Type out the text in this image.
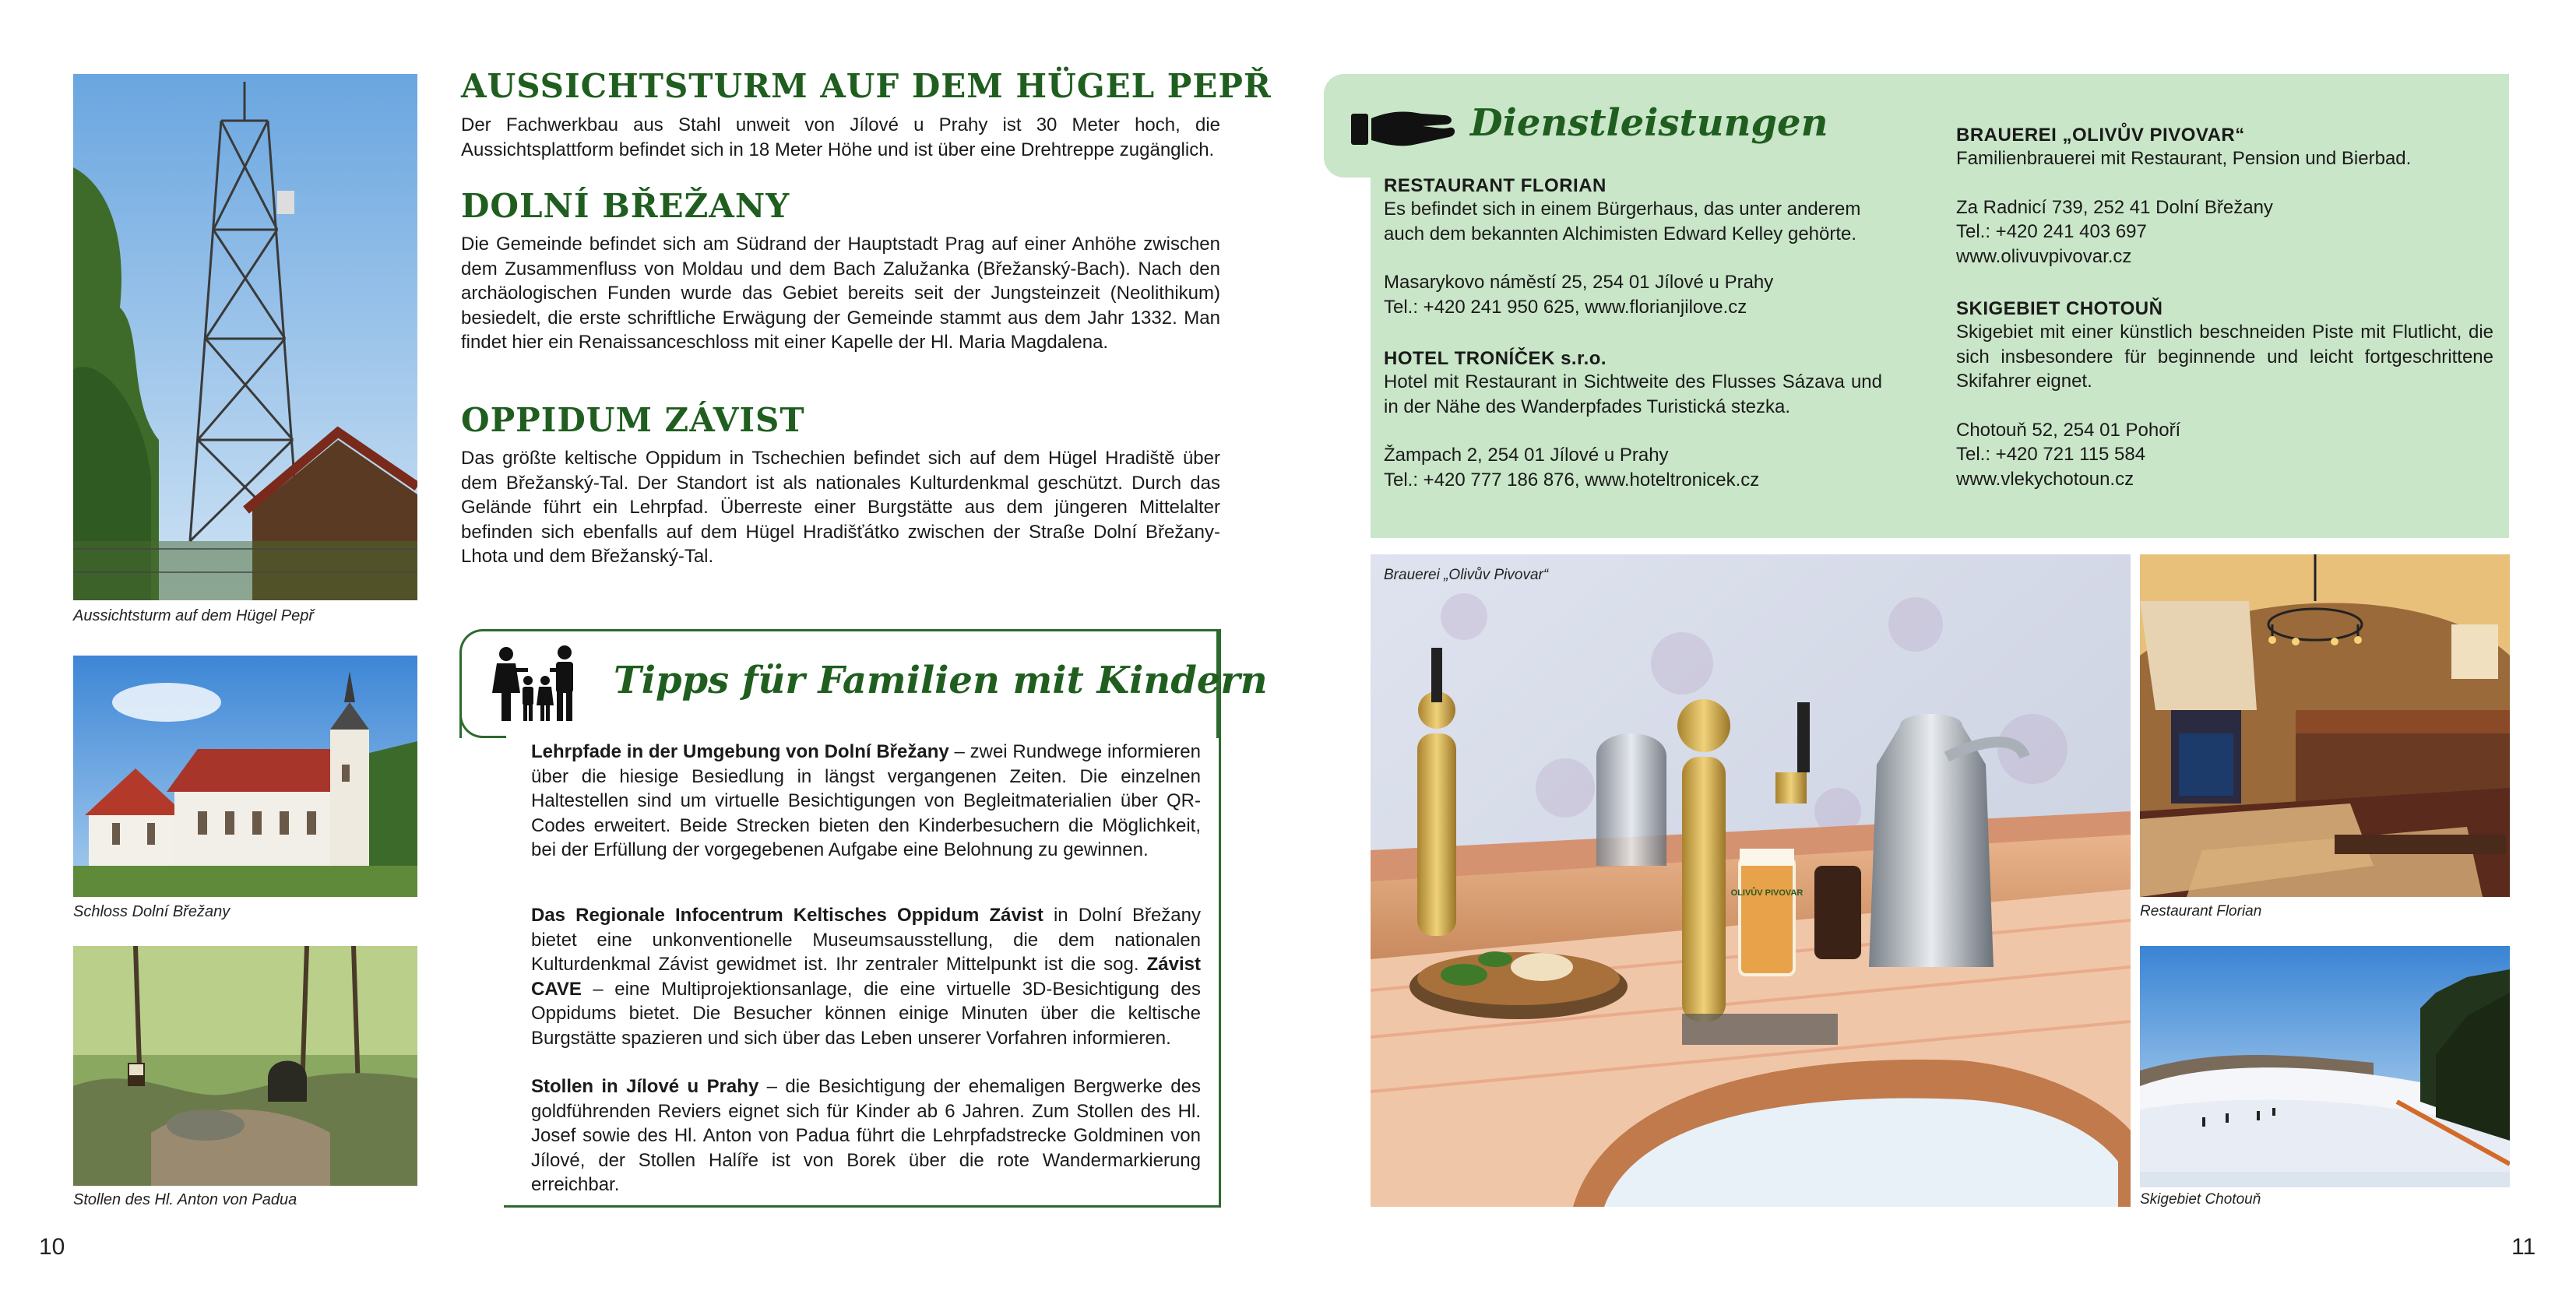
Aussichtsturm auf dem Hügel Pepř
Schloss Dolní Břežany
Stollen des Hl. Anton von Padua
AUSSICHTSTURM AUF DEM HÜGEL PEPŘ

Der Fachwerkbau aus Stahl unweit von Jílové u Prahy ist 30 Meter hoch, die Aussichtsplattform befindet sich in 18 Meter Höhe und ist über eine Drehtreppe zugänglich.

DOLNÍ BŘEŽANY

Die Gemeinde befindet sich am Südrand der Hauptstadt Prag auf einer Anhöhe zwischen dem Zusammenfluss von Moldau und dem Bach Zalužanka (Břežanský-Bach). Nach den archäologischen Funden wurde das Gebiet bereits seit der Jungsteinzeit (Neolithikum) besiedelt, die erste schriftliche Erwägung der Gemeinde stammt aus dem Jahr 1332. Man findet hier ein Renaissanceschloss mit einer Kapelle der Hl. Maria Magdalena.

OPPIDUM ZÁVIST

Das größte keltische Oppidum in Tschechien befindet sich auf dem Hügel Hradiště über dem Břežanský-Tal. Der Standort ist als nationales Kulturdenkmal geschützt. Durch das Gelände führt ein Lehrpfad. Überreste einer Burgstätte aus dem jüngeren Mittelalter befinden sich ebenfalls auf dem Hügel Hradišťátko zwischen der Straße Dolní Břežany-Lhota und dem Břežanský-Tal.

Tipps für Familien mit Kindern

Lehrpfade in der Umgebung von Dolní Břežany – zwei Rundwege informieren über die hiesige Besiedlung in längst vergangenen Zeiten. Die einzelnen Haltestellen sind um virtuelle Besichtigungen von Begleitmaterialien über QR-Codes erweitert. Beide Strecken bieten den Kinderbesuchern die Möglichkeit, bei der Erfüllung der vorgegebenen Aufgabe eine Belohnung zu gewinnen.

Das Regionale Infocentrum Keltisches Oppidum Závist in Dolní Břežany bietet eine unkonventionelle Museumsausstellung, die dem nationalen Kulturdenkmal Závist gewidmet ist. Ihr zentraler Mittelpunkt ist die sog. Závist CAVE – eine Multiprojektionsanlage, die eine virtuelle 3D-Besichtigung des Oppidums bietet. Die Besucher können einige Minuten über die keltische Burgstätte spazieren und sich über das Leben unserer Vorfahren informieren.

Stollen in Jílové u Prahy – die Besichtigung der ehemaligen Bergwerke des goldführenden Reviers eignet sich für Kinder ab 6 Jahren. Zum Stollen des Hl. Josef sowie des Hl. Anton von Padua führt die Lehrpfadstrecke Goldminen von Jílové, der Stollen Halíře ist von Borek über die rote Wandermarkierung erreichbar.

10
Dienstleistungen
RESTAURANT FLORIAN
Es befindet sich in einem Bürgerhaus, das unter anderem auch dem bekannten Alchimisten Edward Kelley gehörte.
Masarykovo náměstí 25, 254 01 Jílové u Prahy
Tel.: +420 241 950 625, www.florianjilove.cz
HOTEL TRONÍČEK s.r.o.
Hotel mit Restaurant in Sichtweite des Flusses Sázava und in der Nähe des Wanderpfades Turistická stezka.
Žampach 2, 254 01 Jílové u Prahy
Tel.: +420 777 186 876, www.hoteltronicek.cz
BRAUEREI „OLIVŮV PIVOVAR“
Familienbrauerei mit Restaurant, Pension und Bierbad.
Za Radnicí 739, 252 41 Dolní Břežany
Tel.: +420 241 403 697
www.olivuvpivovar.cz
SKIGEBIET CHOTOUŇ
Skigebiet mit einer künstlich beschneiden Piste mit Flutlicht, die sich insbesondere für beginnende und leicht fortgeschrittene Skifahrer eignet.
Chotouň 52, 254 01 Pohoří
Tel.: +420 721 115 584
www.vlekychotoun.cz
OLIVŮV PIVOVAR
Brauerei „Olivův Pivovar“
Restaurant Florian
Skigebiet Chotouň
11
